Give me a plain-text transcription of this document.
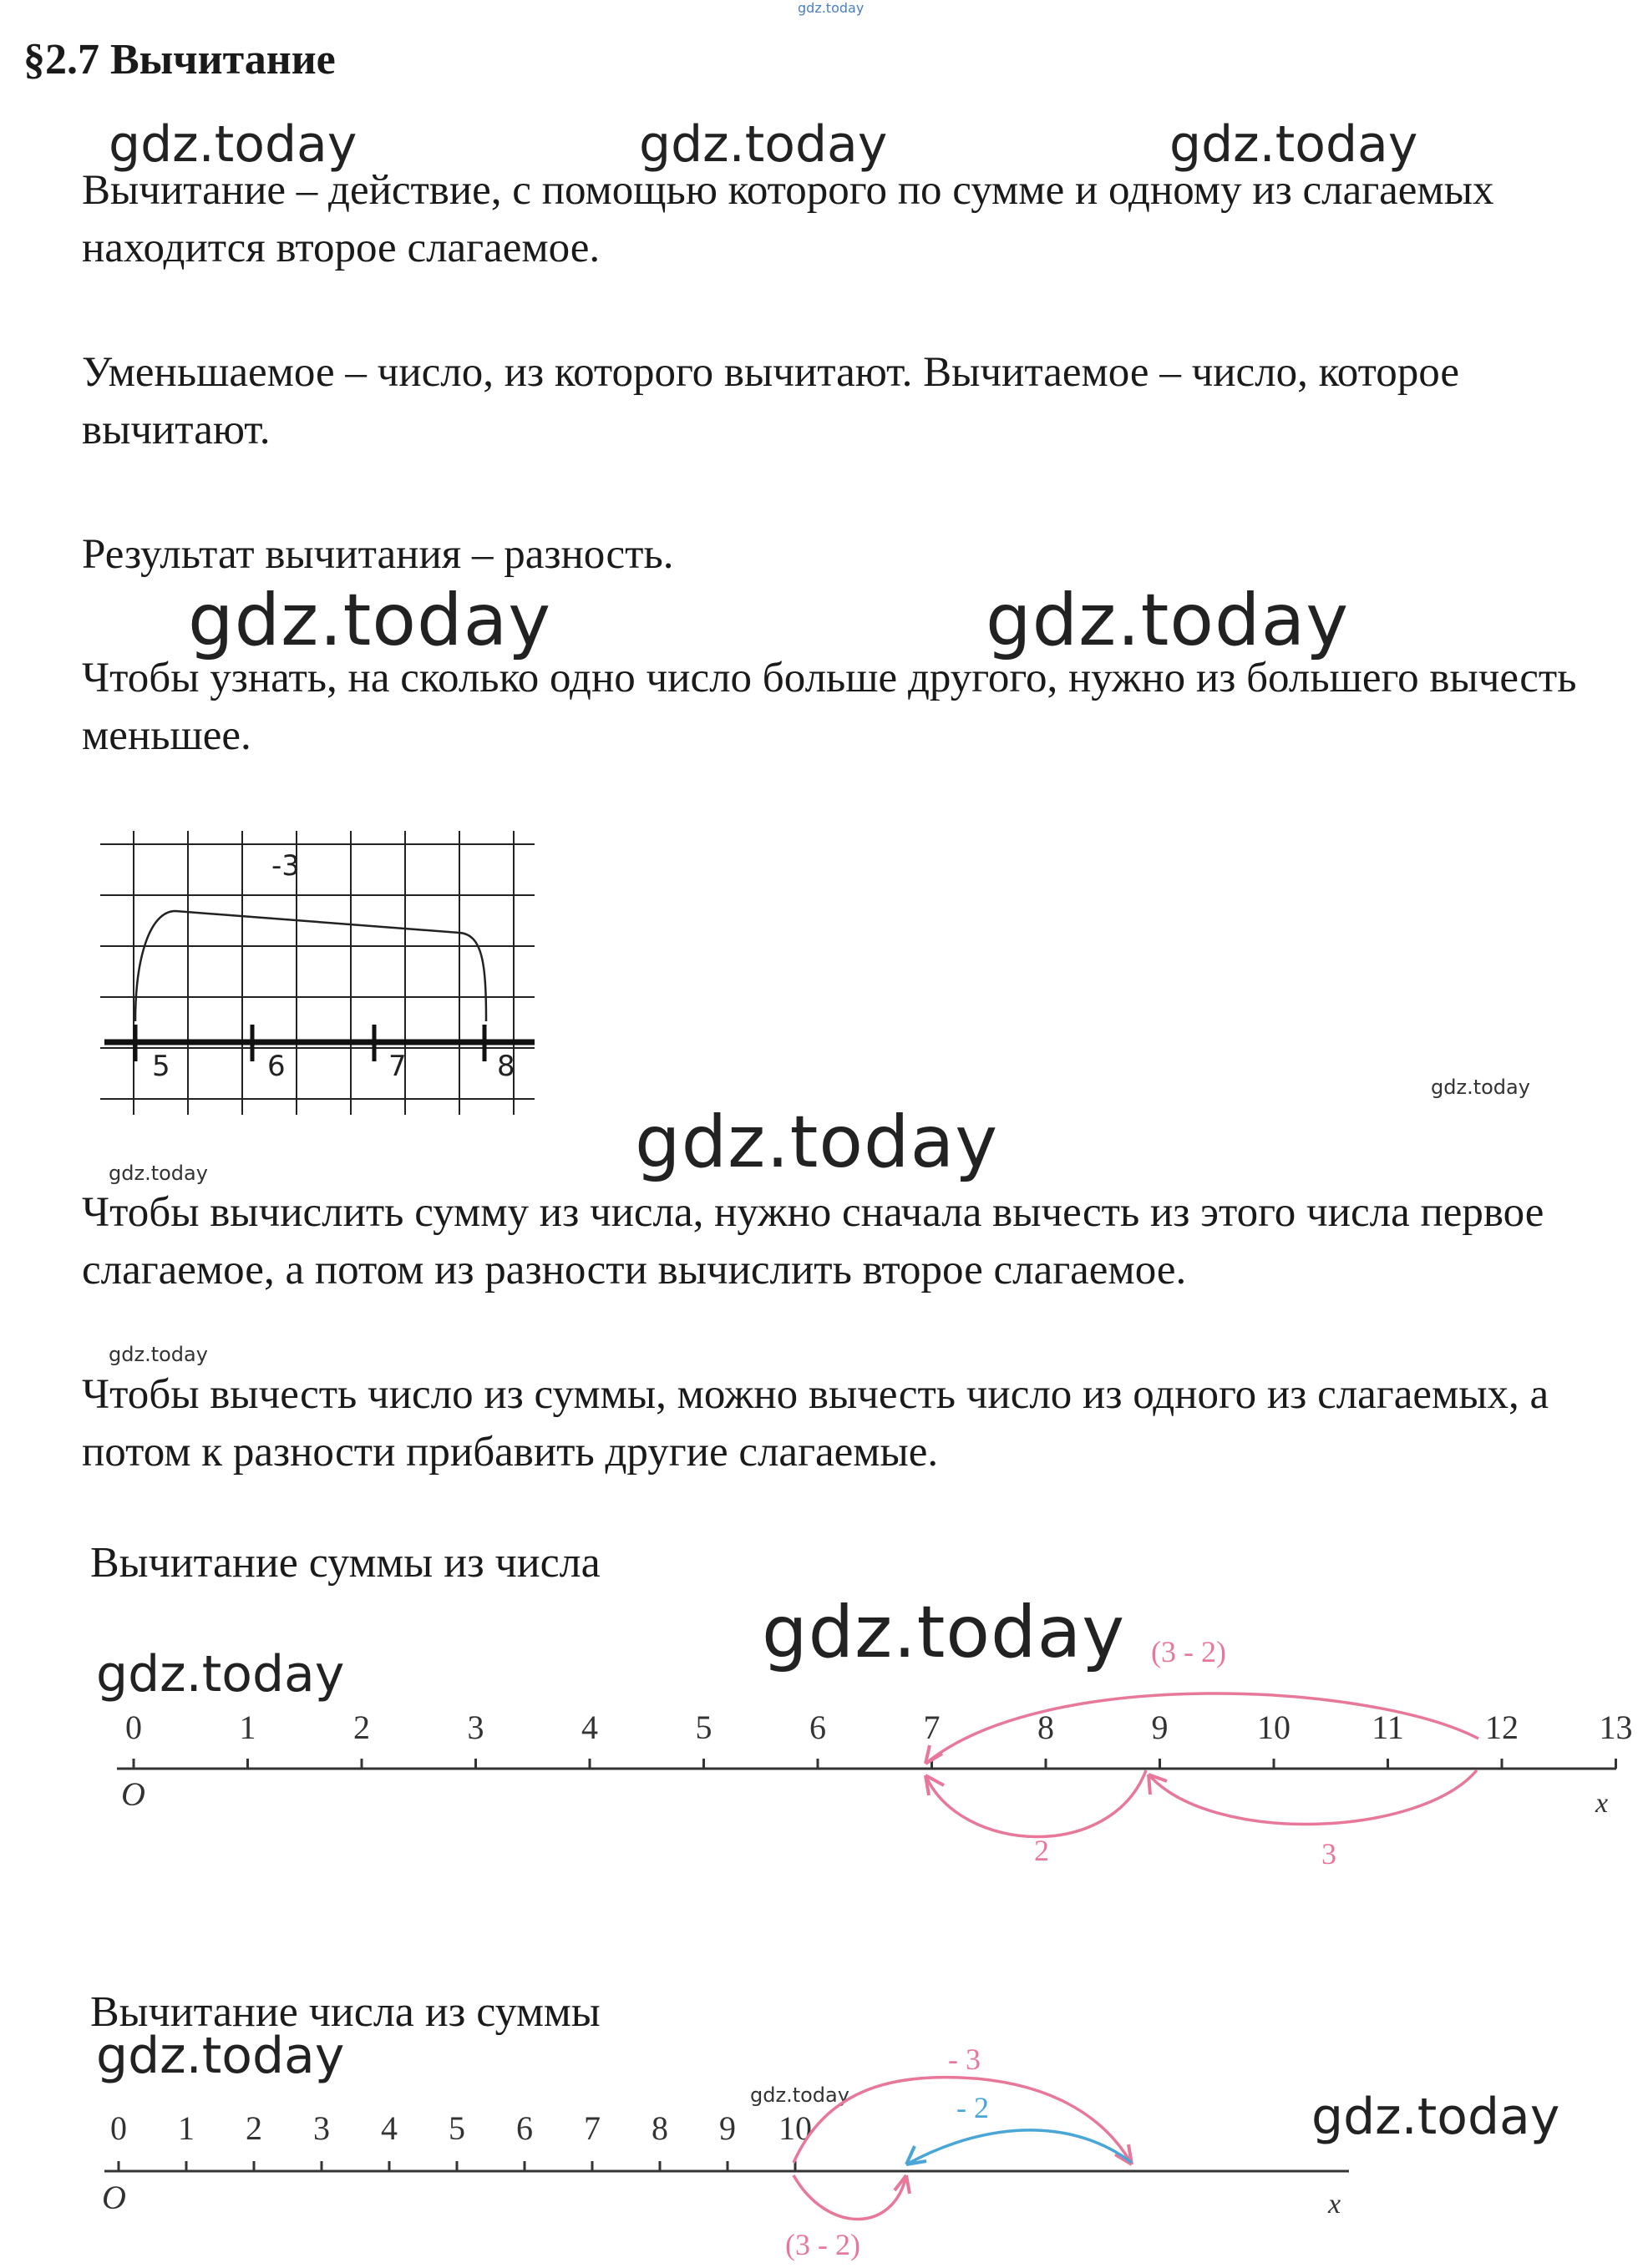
gdz.today
§2.7 Вычитание
gdz.today	gdz.today	gdz.today

Вычитание – действие, с помощью которого по сумме и одному из слагаемых находится второе слагаемое.

Уменьшаемое – число, из которого вычитают. Вычитаемое – число, которое вычитают.

Результат вычитания – разность.

gdz.today	gdz.today

Чтобы узнать, на сколько одно число больше другого, нужно из большего вычесть меньшее.

-3
5	6	7	8
gdz.today
gdz.today
gdz.today

Чтобы вычислить сумму из числа, нужно сначала вычесть из этого числа первое слагаемое, а потом из разности вычислить второе слагаемое.

gdz.today

Чтобы вычесть число из суммы, можно вычесть число из одного из слагаемых, а потом к разности прибавить другие слагаемые.

Вычитание суммы из числа

gdz.today
gdz.today
0	1	2	3	4	5	6	7	8	9	10 11 12 13
O	x
(3 - 2)
2	3

Вычитание числа из суммы

gdz.today
gdz.today	gdz.today
0 1 2 3 4 5 6 7 8 9 10
O	x
- 3
- 2
(3 - 2)
